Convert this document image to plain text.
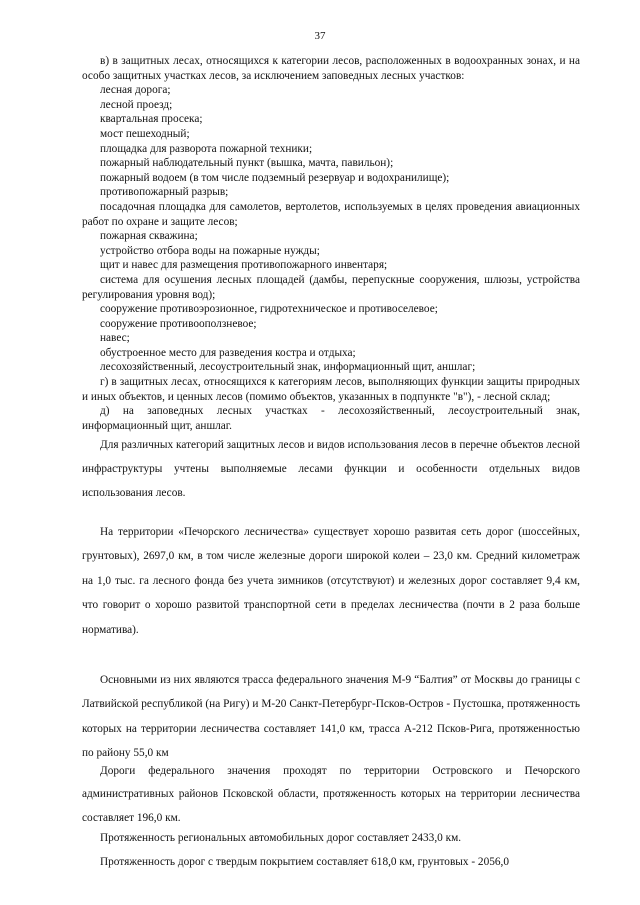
37

в) в защитных лесах, относящихся к категории лесов, расположенных в водоохранных зонах, и на особо защитных участках лесов, за исключением заповедных лесных участков:

лесная дорога;

лесной проезд;

квартальная просека;

мост пешеходный;

площадка для разворота пожарной техники;

пожарный наблюдательный пункт (вышка, мачта, павильон);

пожарный водоем (в том числе подземный резервуар и водохранилище);

противопожарный разрыв;

посадочная площадка для самолетов, вертолетов, используемых в целях проведения авиационных работ по охране и защите лесов;

пожарная скважина;

устройство отбора воды на пожарные нужды;

щит и навес для размещения противопожарного инвентаря;

система для осушения лесных площадей (дамбы, перепускные сооружения, шлюзы, устройства регулирования уровня вод);

сооружение противоэрозионное, гидротехническое и противоселевое;

сооружение противооползневое;

навес;

обустроенное место для разведения костра и отдыха;

лесохозяйственный, лесоустроительный знак, информационный щит, аншлаг;

г) в защитных лесах, относящихся к категориям лесов, выполняющих функции защиты природных и иных объектов, и ценных лесов (помимо объектов, указанных в подпункте "в"), - лесной склад;

д) на заповедных лесных участках - лесохозяйственный, лесоустроительный знак, информационный щит, аншлаг.

Для различных категорий защитных лесов и видов использования лесов в перечне объектов лесной инфраструктуры учтены выполняемые лесами функции и особенности отдельных видов использования лесов.

На территории «Печорского лесничества» существует хорошо развитая сеть дорог (шоссейных, грунтовых), 2697,0 км, в том числе железные дороги широкой колеи – 23,0 км. Средний километраж на 1,0 тыс. га лесного фонда без учета зимников (отсутствуют) и железных дорог составляет 9,4 км, что говорит о хорошо развитой транспортной сети в пределах лесничества (почти в 2 раза больше норматива).

Основными из них являются трасса федерального значения М-9 “Балтия” от Москвы до границы с Латвийской республикой (на Ригу) и М-20 Санкт-Петербург-Псков-Остров - Пустошка, протяженность которых на территории лесничества составляет 141,0 км, трасса А-212 Псков-Рига, протяженностью по району 55,0 км

Дороги федерального значения проходят по территории Островского и Печорского административных районов Псковской области, протяженность которых на территории лесничества составляет 196,0 км.

Протяженность региональных автомобильных дорог составляет 2433,0 км.

Протяженность дорог с твердым покрытием составляет 618,0 км, грунтовых - 2056,0
